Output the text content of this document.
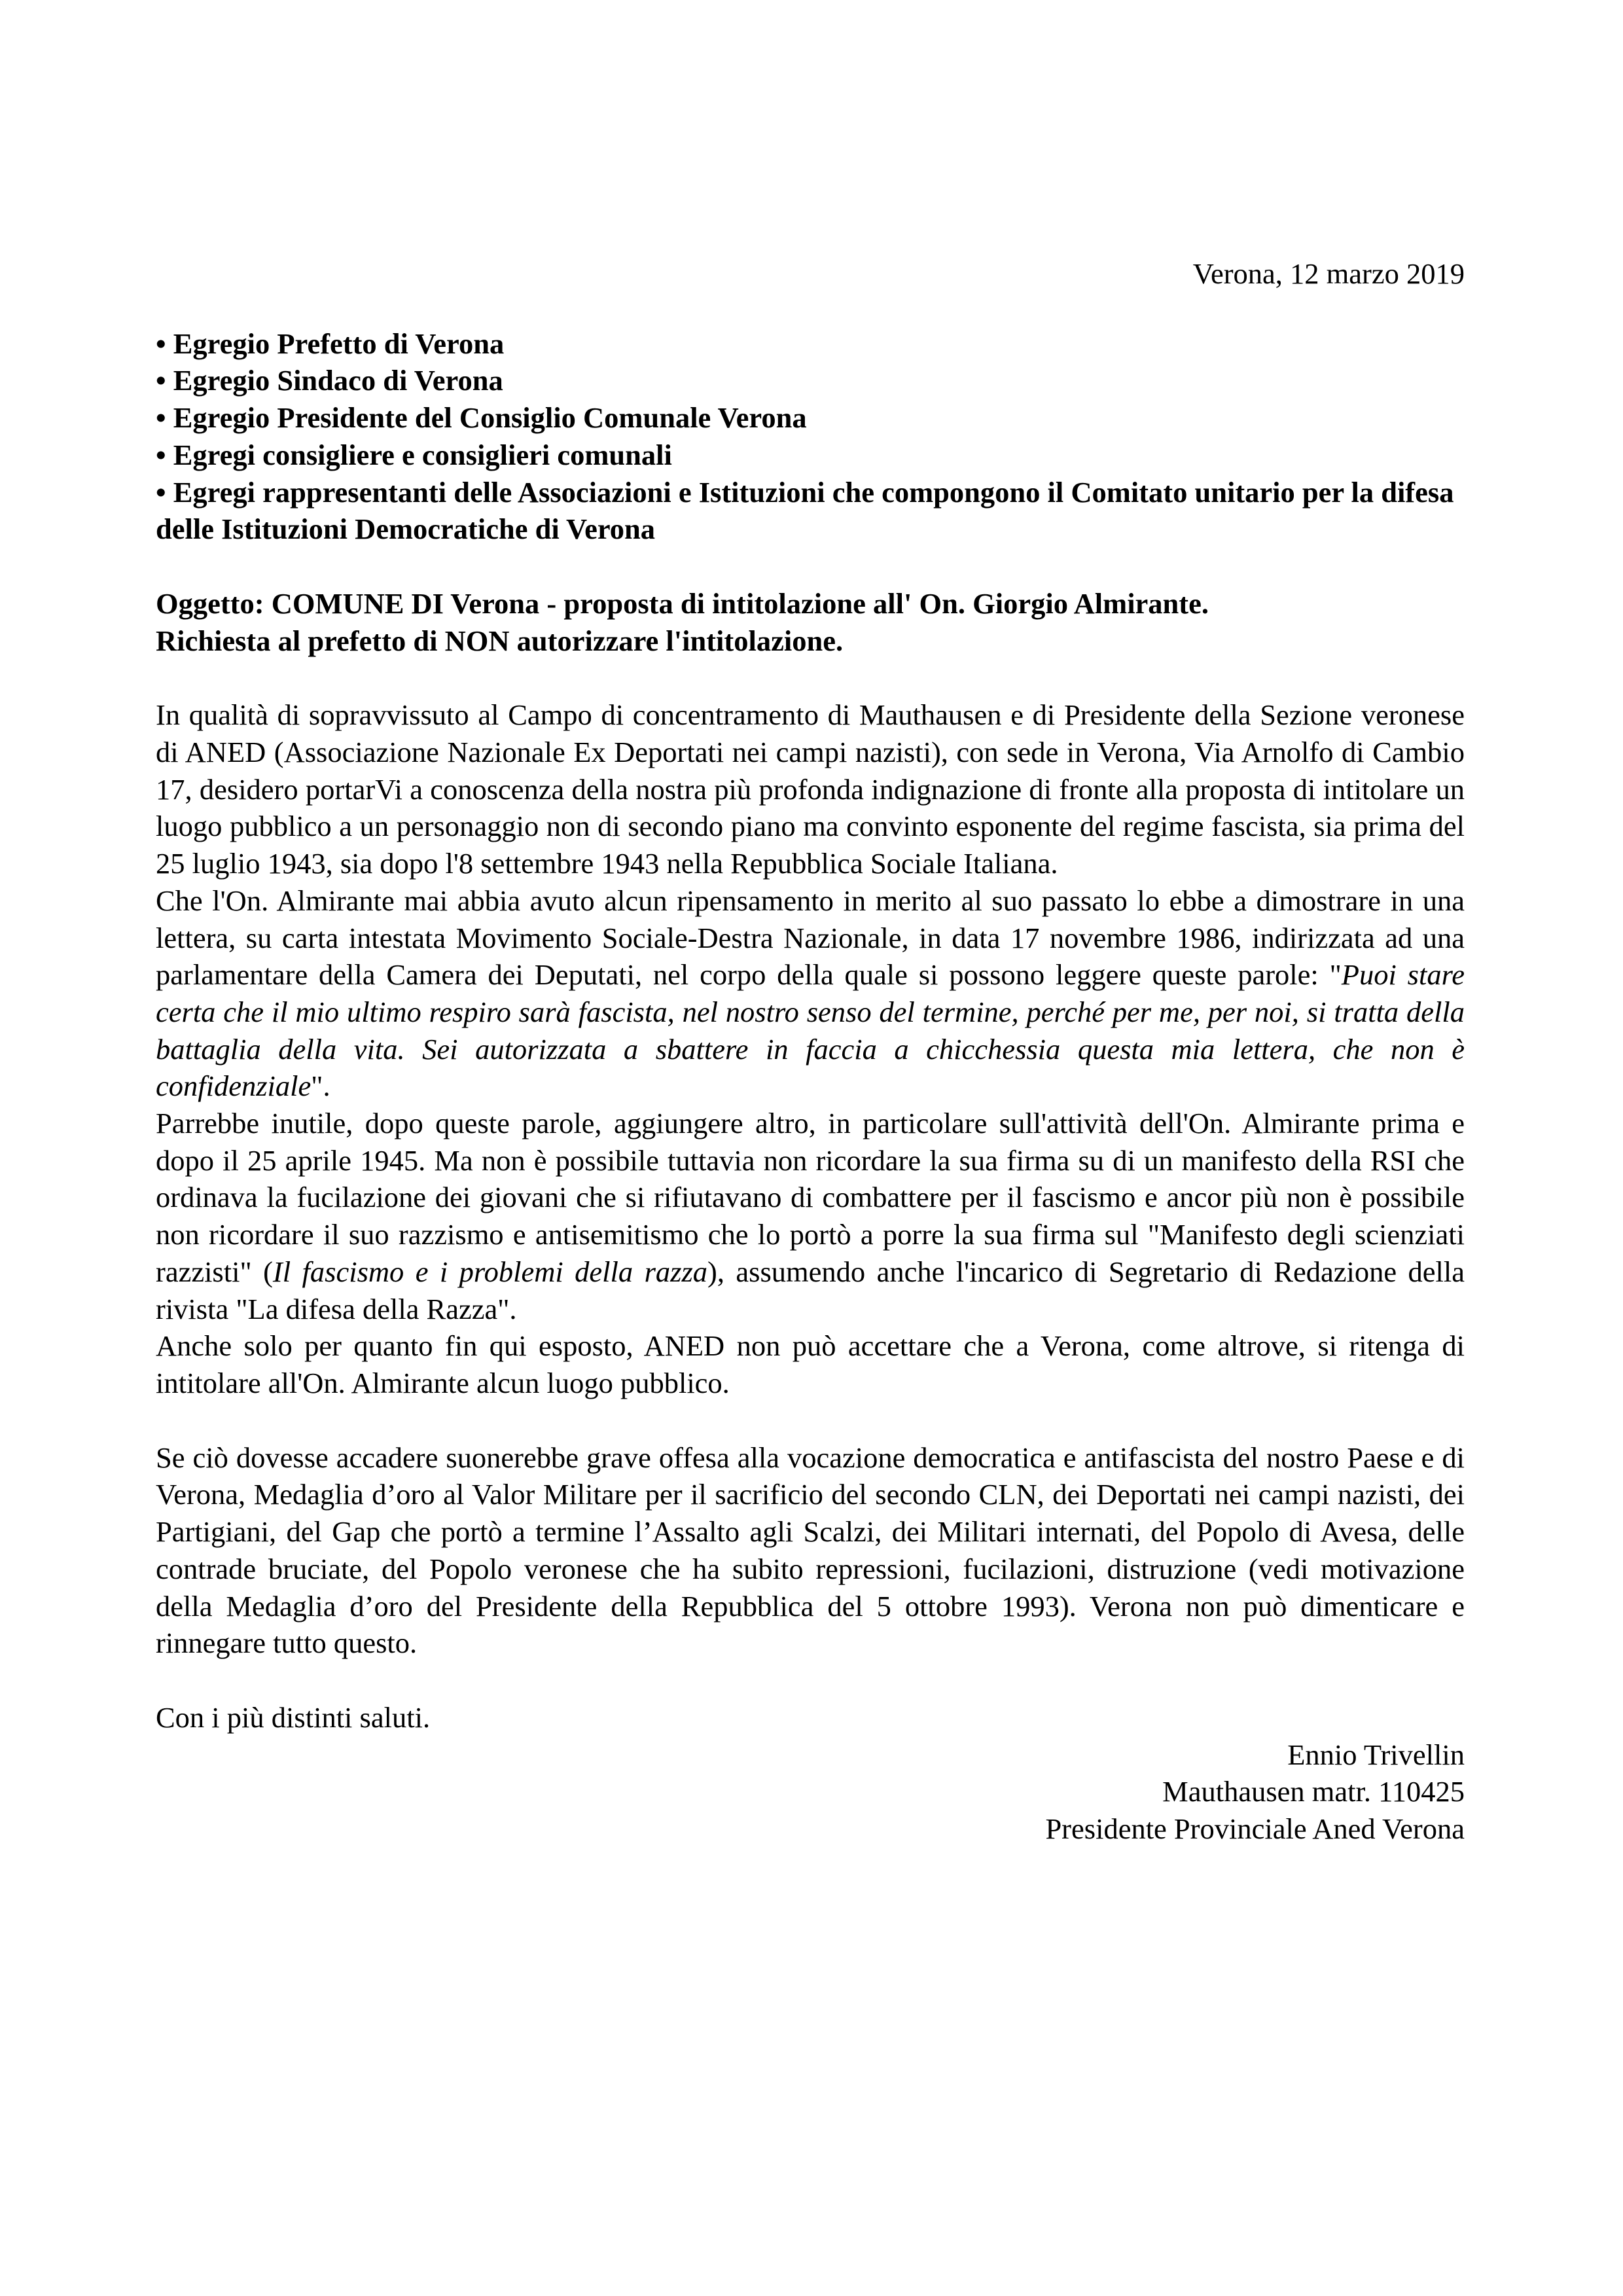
Verona, 12 marzo 2019
• Egregio Prefetto di Verona
• Egregio Sindaco di Verona
• Egregio Presidente del Consiglio Comunale Verona
• Egregi consigliere e consiglieri comunali
• Egregi rappresentanti delle Associazioni e Istituzioni che compongono il Comitato unitario per la difesa delle Istituzioni Democratiche di Verona
Oggetto: COMUNE DI Verona - proposta di intitolazione all' On. Giorgio Almirante.
Richiesta al prefetto di NON autorizzare l'intitolazione.

In qualità di sopravvissuto al Campo di concentramento di Mauthausen e di Presidente della Sezione veronese di ANED (Associazione Nazionale Ex Deportati nei campi nazisti), con sede in Verona, Via Arnolfo di Cambio 17, desidero portarVi a conoscenza della nostra più profonda indignazione di fronte alla proposta di intitolare un luogo pubblico a un personaggio non di secondo piano ma convinto esponente del regime fascista, sia prima del 25 luglio 1943, sia dopo l'8 settembre 1943 nella Repubblica Sociale Italiana.

Che l'On. Almirante mai abbia avuto alcun ripensamento in merito al suo passato lo ebbe a dimostrare in una lettera, su carta intestata Movimento Sociale-Destra Nazionale, in data 17 novembre 1986, indirizzata ad una parlamentare della Camera dei Deputati, nel corpo della quale si possono leggere queste parole: "Puoi stare certa che il mio ultimo respiro sarà fascista, nel nostro senso del termine, perché per me, per noi, si tratta della battaglia della vita. Sei autorizzata a sbattere in faccia a chicchessia questa mia lettera, che non è confidenziale".

Parrebbe inutile, dopo queste parole, aggiungere altro, in particolare sull'attività dell'On. Almirante prima e dopo il 25 aprile 1945. Ma non è possibile tuttavia non ricordare la sua firma su di un manifesto della RSI che ordinava la fucilazione dei giovani che si rifiutavano di combattere per il fascismo e ancor più non è possibile non ricordare il suo razzismo e antisemitismo che lo portò a porre la sua firma sul "Manifesto degli scienziati razzisti" (Il fascismo e i problemi della razza), assumendo anche l'incarico di Segretario di Redazione della rivista "La difesa della Razza".

Anche solo per quanto fin qui esposto, ANED non può accettare che a Verona, come altrove, si ritenga di intitolare all'On. Almirante alcun luogo pubblico.

Se ciò dovesse accadere suonerebbe grave offesa alla vocazione democratica e antifascista del nostro Paese e di Verona, Medaglia d’oro al Valor Militare per il sacrificio del secondo CLN, dei Deportati nei campi nazisti, dei Partigiani, del Gap che portò a termine l’Assalto agli Scalzi, dei Militari internati, del Popolo di Avesa, delle contrade bruciate, del Popolo veronese che ha subito repressioni, fucilazioni, distruzione (vedi motivazione della Medaglia d’oro del Presidente della Repubblica del 5 ottobre 1993). Verona non può dimenticare e rinnegare tutto questo.

Con i più distinti saluti.

Ennio Trivellin
Mauthausen matr. 110425
Presidente Provinciale Aned Verona
